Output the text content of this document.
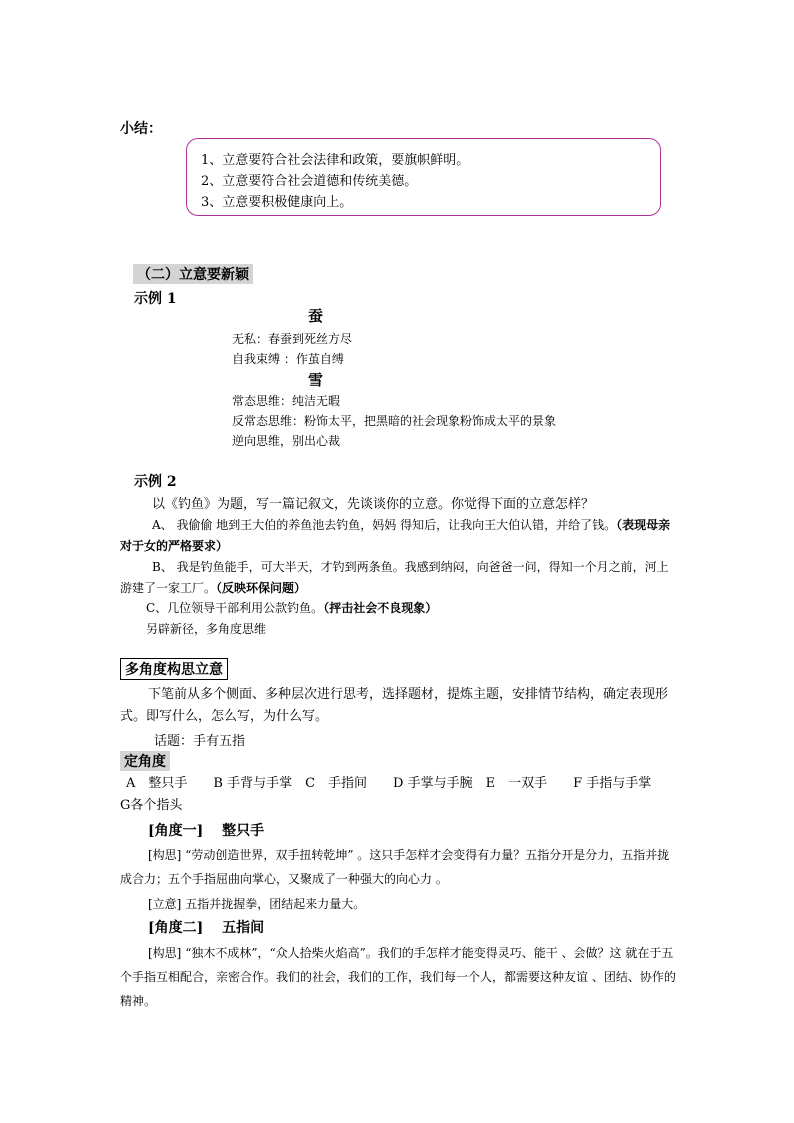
小结：
1、立意要符合社会法律和政策，要旗帜鲜明。
2、立意要符合社会道德和传统美德。
3、立意要积极健康向上。
（二）立意要新颖
示例 1
蚕
无私：春蚕到死丝方尽
自我束缚 ：作茧自缚
雪
常态思维：纯洁无暇
反常态思维：粉饰太平，把黑暗的社会现象粉饰成太平的景象
逆向思维，别出心裁
示例 2
以《钓鱼》为题，写一篇记叙文，先谈谈你的立意。你觉得下面的立意怎样？
A、 我偷偷 地到王大伯的养鱼池去钓鱼，妈妈 得知后，让我向王大伯认错，并给了钱。（表现母亲对于女的严格要求）
B、 我是钓鱼能手，可大半天，才钓到两条鱼。我感到纳闷，向爸爸一问，得知一个月之前，河上游建了一家工厂。（反映环保问题）
C、几位领导干部利用公款钓鱼。（抨击社会不良现象）
另辟新径，多角度思维
多角度构思立意
下笔前从多个侧面、多种层次进行思考，选择题材，提炼主题，安排情节结构，确定表现形式。即写什么，怎么写，为什么写。
话题：手有五指
定角度
A　整只手　　B 手背与手掌　C　手指间　　D 手掌与手腕　E　一双手　　F 手指与手掌　　G各个指头
[角度一]　 整只手
[构思] “劳动创造世界，双手扭转乾坤” 。这只手怎样才会变得有力量？五指分开是分力，五指并拢成合力；五个手指屈曲向掌心，又聚成了一种强大的向心力 。
[立意] 五指并拢握拳，团结起来力量大。
[角度二]　 五指间
[构思] “独木不成林”，“众人拾柴火焰高”。我们的手怎样才能变得灵巧、能干 、会做？这 就在于五个手指互相配合，亲密合作。我们的社会，我们的工作，我们每一个人，都需要这种友谊 、团结、协作的精神。
